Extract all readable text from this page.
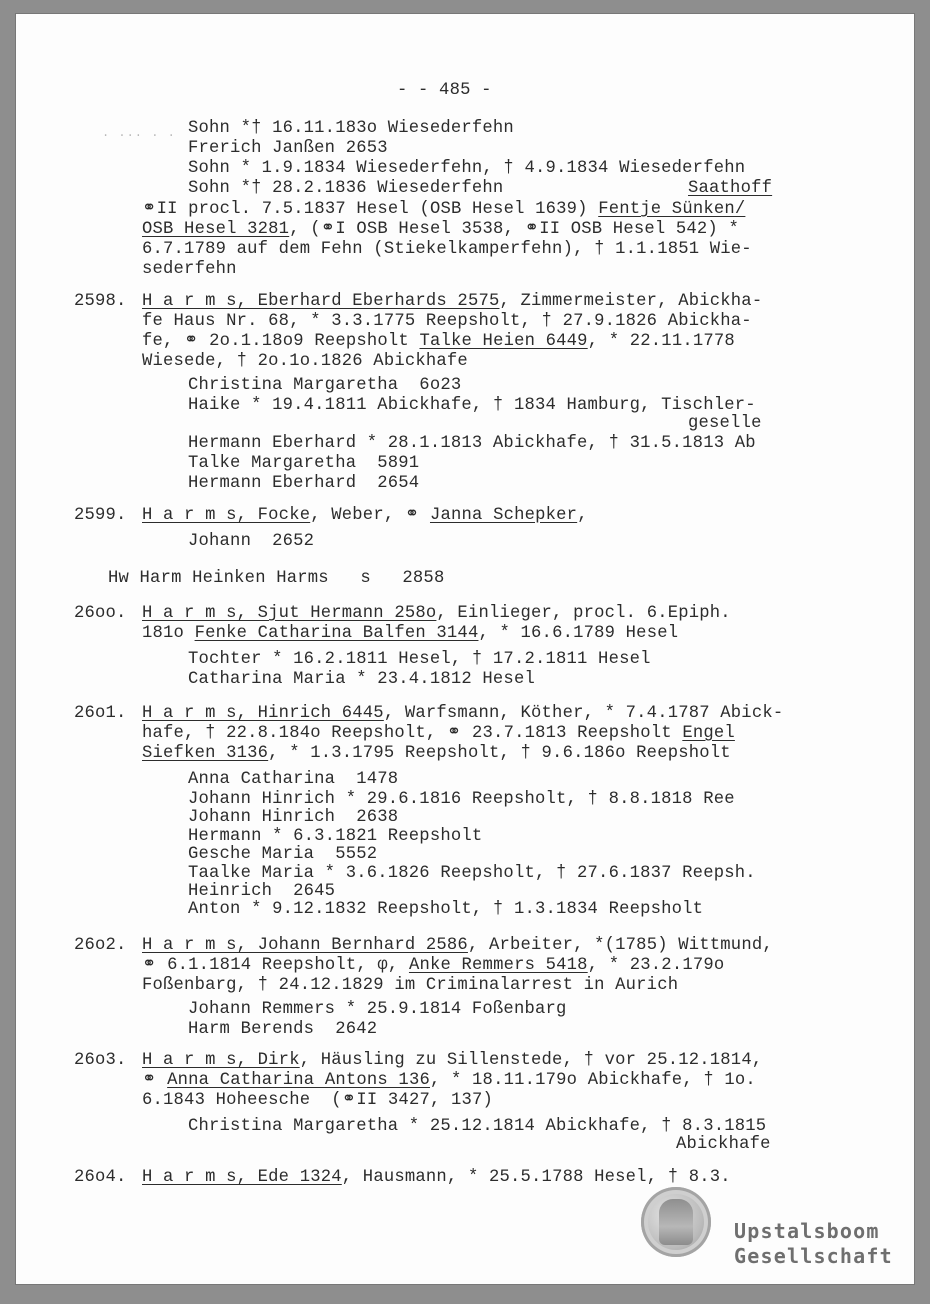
- - 485 -
. ... . . Sohn *† 16.11.183o Wiesederfehn
Frerich Janßen 2653
Sohn * 1.9.1834 Wiesederfehn, † 4.9.1834 Wiesederfehn
Sohn *† 28.2.1836 Wiesederfehn	Saathoff
⚭II procl. 7.5.1837 Hesel (OSB Hesel 1639) Fentje Sünken/
OSB Hesel 3281, (⚭I OSB Hesel 3538, ⚭II OSB Hesel 542) *
6.7.1789 auf dem Fehn (Stiekelkamperfehn), † 1.1.1851 Wie-
sederfehn
2598. H a r m s, Eberhard Eberhards 2575, Zimmermeister, Abickha-
fe Haus Nr. 68, * 3.3.1775 Reepsholt, † 27.9.1826 Abickha-
fe, ⚭ 2o.1.18o9 Reepsholt Talke Heien 6449, * 22.11.1778
Wiesede, † 2o.1o.1826 Abickhafe
Christina Margaretha  6o23
Haike * 19.4.1811 Abickhafe, † 1834 Hamburg, Tischler-
geselle
Hermann Eberhard * 28.1.1813 Abickhafe, † 31.5.1813 Ab
Talke Margaretha  5891
Hermann Eberhard  2654
2599. H a r m s, Focke, Weber, ⚭ Janna Schepker,
Johann  2652
Hw Harm Heinken Harms   s   2858
26oo. H a r m s, Sjut Hermann 258o, Einlieger, procl. 6.Epiph.
181o Fenke Catharina Balfen 3144, * 16.6.1789 Hesel
Tochter * 16.2.1811 Hesel, † 17.2.1811 Hesel
Catharina Maria * 23.4.1812 Hesel
26o1. H a r m s, Hinrich 6445, Warfsmann, Köther, * 7.4.1787 Abick-
hafe, † 22.8.184o Reepsholt, ⚭ 23.7.1813 Reepsholt Engel
Siefken 3136, * 1.3.1795 Reepsholt, † 9.6.186o Reepsholt
Anna Catharina  1478
Johann Hinrich * 29.6.1816 Reepsholt, † 8.8.1818 Ree
Johann Hinrich  2638
Hermann * 6.3.1821 Reepsholt
Gesche Maria  5552
Taalke Maria * 3.6.1826 Reepsholt, † 27.6.1837 Reepsh.
Heinrich  2645
Anton * 9.12.1832 Reepsholt, † 1.3.1834 Reepsholt
26o2. H a r m s, Johann Bernhard 2586, Arbeiter, *(1785) Wittmund,
⚭ 6.1.1814 Reepsholt, φ, Anke Remmers 5418, * 23.2.179o
Foßenbarg, † 24.12.1829 im Criminalarrest in Aurich
Johann Remmers * 25.9.1814 Foßenbarg
Harm Berends  2642
26o3. H a r m s, Dirk, Häusling zu Sillenstede, † vor 25.12.1814,
⚭ Anna Catharina Antons 136, * 18.11.179o Abickhafe, † 1o.
6.1843 Hoheesche  (⚭II 3427, 137)
Christina Margaretha * 25.12.1814 Abickhafe, † 8.3.1815
Abickhafe
26o4. H a r m s, Ede 1324, Hausmann, * 25.5.1788 Hesel, † 8.3.
Upstalsboom
Gesellschaft
